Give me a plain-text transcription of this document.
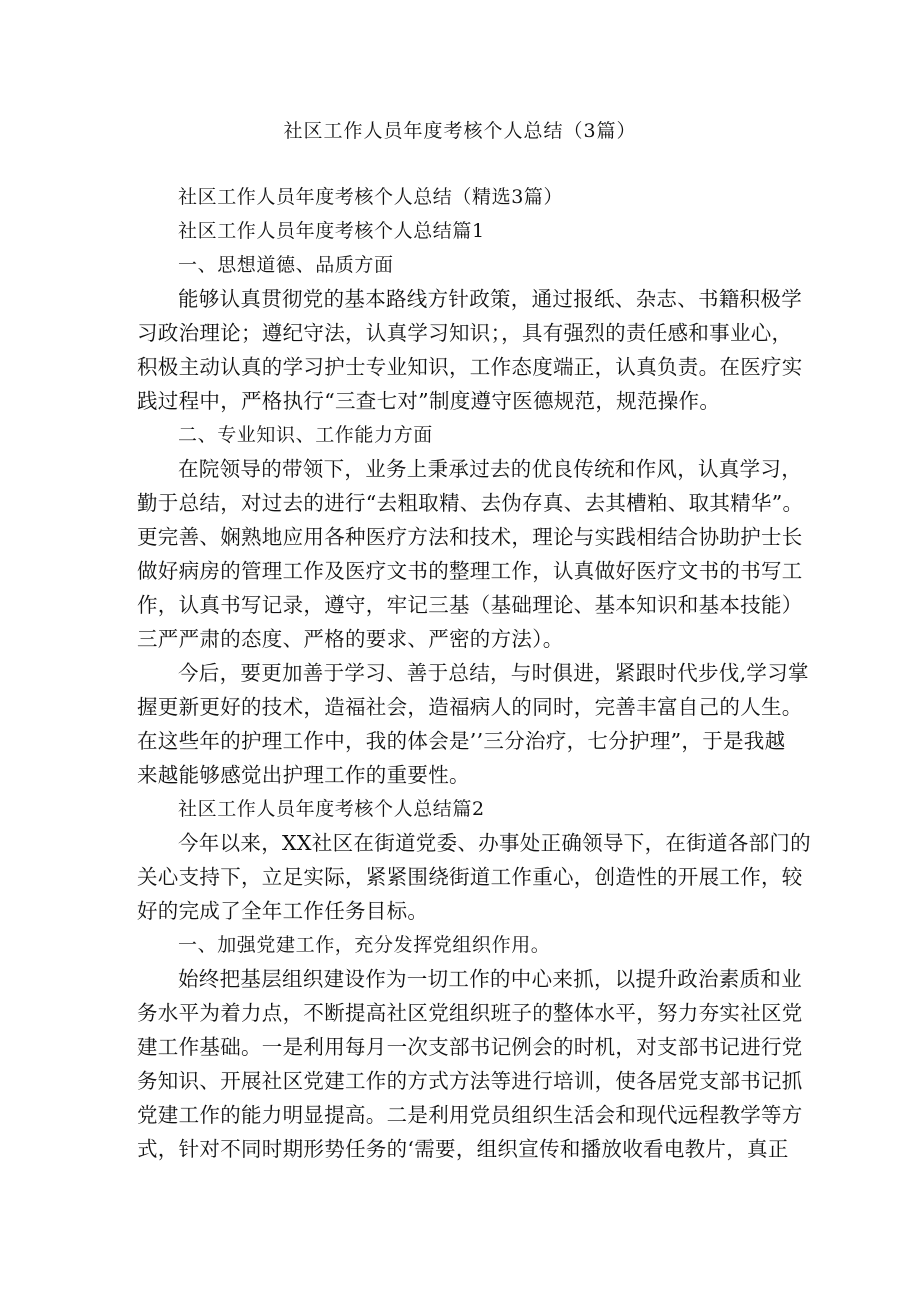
社区工作人员年度考核个人总结（3篇）
社区工作人员年度考核个人总结（精选3篇）
社区工作人员年度考核个人总结篇1
一、思想道德、品质方面
能够认真贯彻党的基本路线方针政策，通过报纸、杂志、书籍积极学
习政治理论；遵纪守法，认真学习知识；，具有强烈的责任感和事业心，
积极主动认真的学习护士专业知识，工作态度端正，认真负责。在医疗实
践过程中，严格执行“三查七对”制度遵守医德规范，规范操作。
二、专业知识、工作能力方面
在院领导的带领下，业务上秉承过去的优良传统和作风，认真学习，
勤于总结，对过去的进行“去粗取精、去伪存真、去其槽粕、取其精华”。
更完善、娴熟地应用各种医疗方法和技术，理论与实践相结合协助护士长
做好病房的管理工作及医疗文书的整理工作，认真做好医疗文书的书写工
作，认真书写记录，遵守，牢记三基（基础理论、基本知识和基本技能）
三严严肃的态度、严格的要求、严密的方法）。
今后，要更加善于学习、善于总结，与时俱进，紧跟时代步伐,学习掌
握更新更好的技术，造福社会，造福病人的同时，完善丰富自己的人生。
在这些年的护理工作中，我的体会是’’三分治疗，七分护理”，于是我越
来越能够感觉出护理工作的重要性。
社区工作人员年度考核个人总结篇2
今年以来，XX社区在街道党委、办事处正确领导下，在街道各部门的
关心支持下，立足实际，紧紧围绕街道工作重心，创造性的开展工作，较
好的完成了全年工作任务目标。
一、加强党建工作，充分发挥党组织作用。
始终把基层组织建设作为一切工作的中心来抓，以提升政治素质和业
务水平为着力点，不断提高社区党组织班子的整体水平，努力夯实社区党
建工作基础。一是利用每月一次支部书记例会的时机，对支部书记进行党
务知识、开展社区党建工作的方式方法等进行培训，使各居党支部书记抓
党建工作的能力明显提高。二是利用党员组织生活会和现代远程教学等方
式，针对不同时期形势任务的‘需要，组织宣传和播放收看电教片，真正
